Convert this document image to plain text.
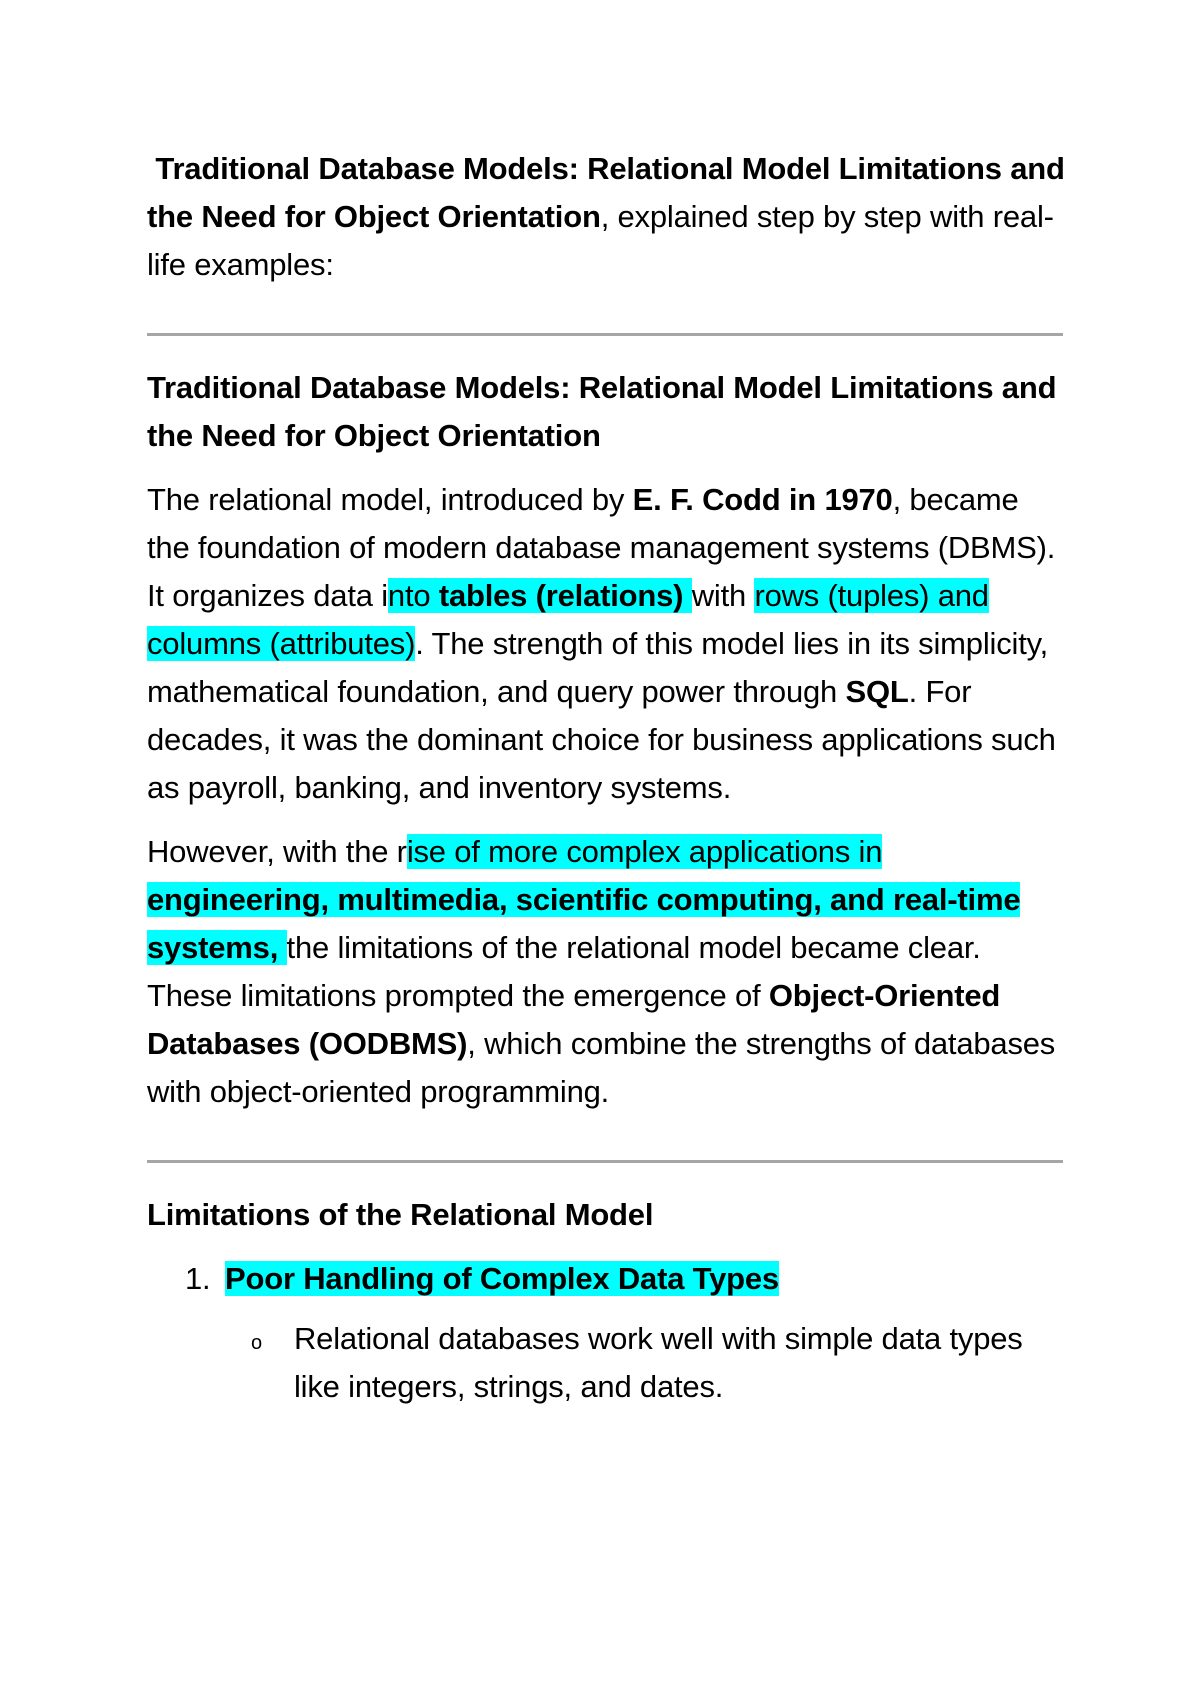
Traditional Database Models: Relational Model Limitations and the Need for Object Orientation, explained step by step with real-life examples:

Traditional Database Models: Relational Model Limitations and the Need for Object Orientation

The relational model, introduced by E. F. Codd in 1970, became the foundation of modern database management systems (DBMS). It organizes data into tables (relations) with rows (tuples) and columns (attributes). The strength of this model lies in its simplicity, mathematical foundation, and query power through SQL. For decades, it was the dominant choice for business applications such as payroll, banking, and inventory systems.

However, with the rise of more complex applications in engineering, multimedia, scientific computing, and real-time systems, the limitations of the relational model became clear. These limitations prompted the emergence of Object-Oriented Databases (OODBMS), which combine the strengths of databases with object-oriented programming.

Limitations of the Relational Model

1. Poor Handling of Complex Data Types

o Relational databases work well with simple data types like integers, strings, and dates.
